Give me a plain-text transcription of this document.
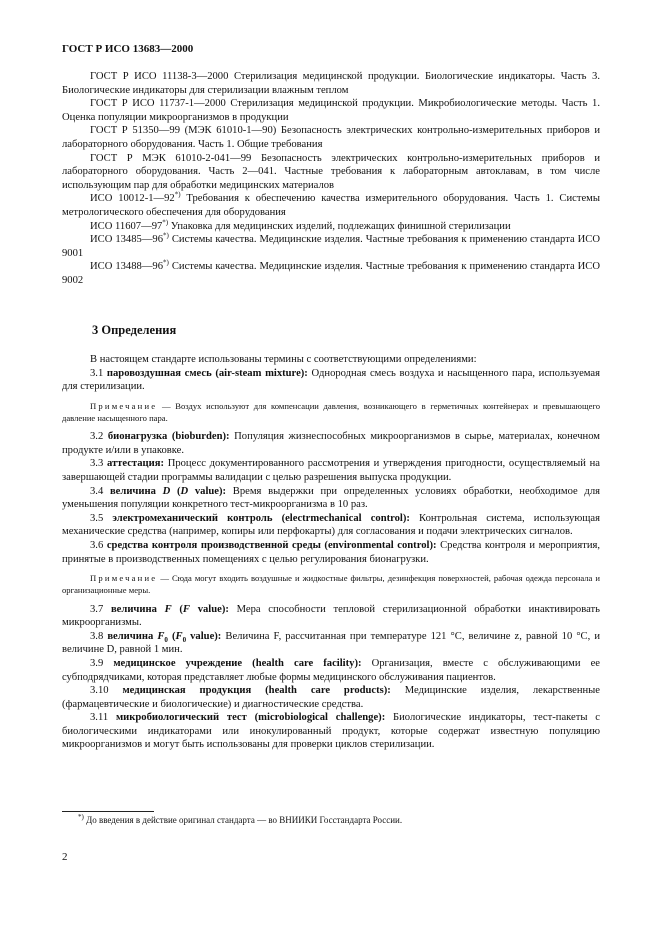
ГОСТ Р ИСО 13683—2000

ГОСТ Р ИСО 11138-3—2000 Стерилизация медицинской продукции. Биологические индикаторы. Часть 3. Биологические индикаторы для стерилизации влажным теплом

ГОСТ Р ИСО 11737-1—2000 Стерилизация медицинской продукции. Микробиологические методы. Часть 1. Оценка популяции микроорганизмов в продукции

ГОСТ Р 51350—99 (МЭК 61010-1—90) Безопасность электрических контрольно-измерительных приборов и лабораторного оборудования. Часть 1. Общие требования

ГОСТ Р МЭК 61010-2-041—99 Безопасность электрических контрольно-измерительных приборов и лабораторного оборудования. Часть 2—041. Частные требования к лабораторным автоклавам, в том числе использующим пар для обработки медицинских материалов

ИСО 10012-1—92*) Требования к обеспечению качества измерительного оборудования. Часть 1. Системы метрологического обеспечения для оборудования

ИСО 11607—97*) Упаковка для медицинских изделий, подлежащих финишной стерилизации

ИСО 13485—96*) Системы качества. Медицинские изделия. Частные требования к применению стандарта ИСО 9001

ИСО 13488—96*) Системы качества. Медицинские изделия. Частные требования к применению стандарта ИСО 9002

3 Определения

В настоящем стандарте использованы термины с соответствующими определениями:

3.1 паровоздушная смесь (air-steam mixture): Однородная смесь воздуха и насыщенного пара, используемая для стерилизации.

Примечание — Воздух используют для компенсации давления, возникающего в герметичных контейнерах и превышающего давление насыщенного пара.

3.2 бионагрузка (bioburden): Популяция жизнеспособных микроорганизмов в сырье, материалах, конечном продукте и/или в упаковке.

3.3 аттестация: Процесс документированного рассмотрения и утверждения пригодности, осуществляемый на завершающей стадии программы валидации с целью разрешения выпуска продукции.

3.4 величина D (D value): Время выдержки при определенных условиях обработки, необходимое для уменьшения популяции конкретного тест-микроорганизма в 10 раз.

3.5 электромеханический контроль (electrmechanical control): Контрольная система, использующая механические средства (например, копиры или перфокарты) для согласования и подачи электрических сигналов.

3.6 средства контроля производственной среды (environmental control): Средства контроля и мероприятия, принятые в производственных помещениях с целью регулирования бионагрузки.

Примечание — Сюда могут входить воздушные и жидкостные фильтры, дезинфекция поверхностей, рабочая одежда персонала и организационные меры.

3.7 величина F (F value): Мера способности тепловой стерилизационной обработки инактивировать микроорганизмы.

3.8 величина $F_0$ ($F_0$ value): Величина F, рассчитанная при температуре 121 °С, величине z, равной 10 °С, и величине D, равной 1 мин.

3.9 медицинское учреждение (health care facility): Организация, вместе с обслуживающими ее субподрядчиками, которая представляет любые формы медицинского обслуживания пациентов.

3.10 медицинская продукция (health care products): Медицинские изделия, лекарственные (фармацевтические и биологические) и диагностические средства.

3.11 микробиологический тест (microbiological challenge): Биологические индикаторы, тест-пакеты с биологическими индикаторами или инокулированный продукт, которые содержат известную популяцию микроорганизмов и могут быть использованы для проверки циклов стерилизации.

*) До введения в действие оригинал стандарта — во ВНИИКИ Госстандарта России.
2
